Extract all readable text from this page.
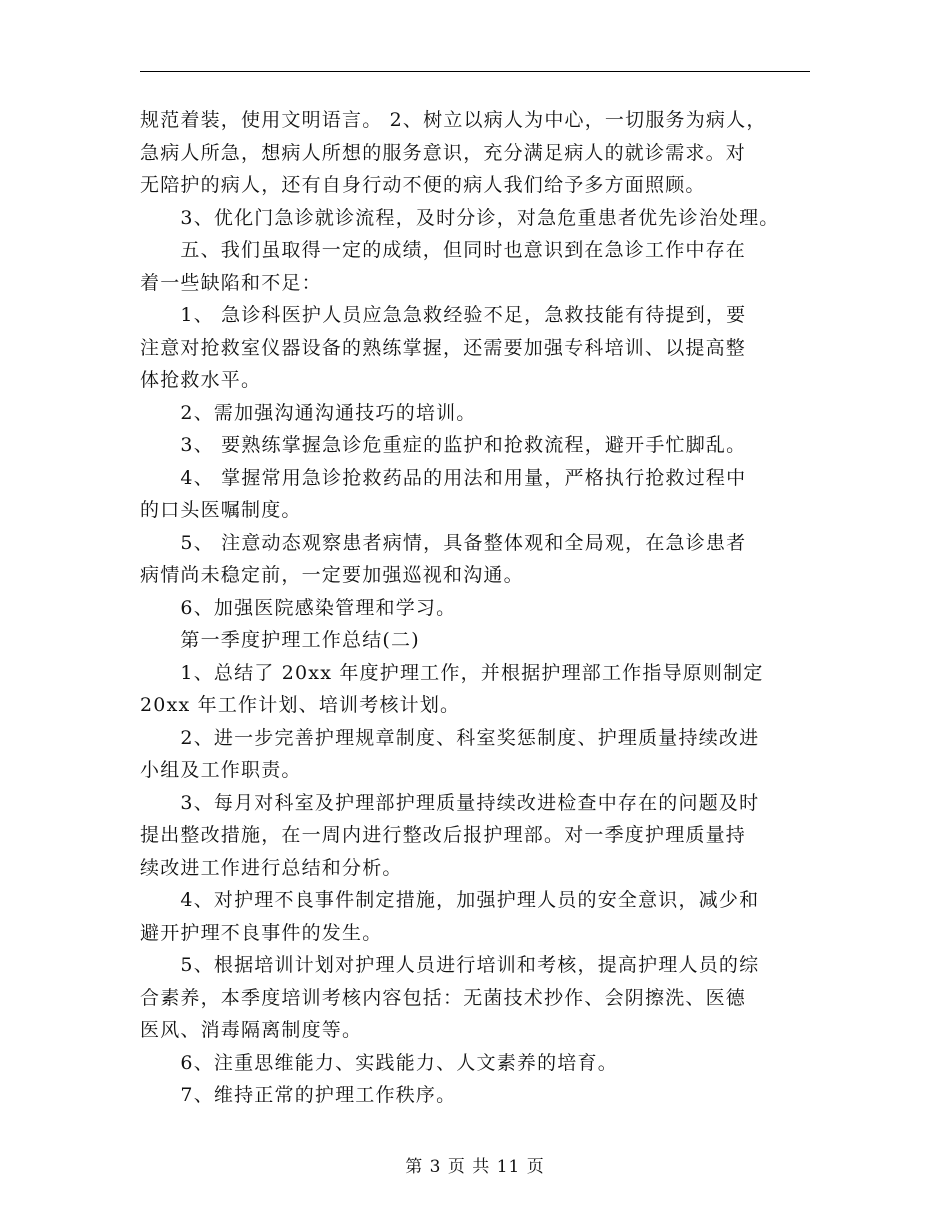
规范着装，使用文明语言。 2、树立以病人为中心，一切服务为病人，
急病人所急，想病人所想的服务意识，充分满足病人的就诊需求。对
无陪护的病人，还有自身行动不便的病人我们给予多方面照顾。
　　3、优化门急诊就诊流程，及时分诊，对急危重患者优先诊治处理。
　　五、我们虽取得一定的成绩，但同时也意识到在急诊工作中存在
着一些缺陷和不足：
　　1、 急诊科医护人员应急急救经验不足，急救技能有待提到，要
注意对抢救室仪器设备的熟练掌握，还需要加强专科培训、以提高整
体抢救水平。
　　2、需加强沟通沟通技巧的培训。
　　3、 要熟练掌握急诊危重症的监护和抢救流程，避开手忙脚乱。
　　4、 掌握常用急诊抢救药品的用法和用量，严格执行抢救过程中
的口头医嘱制度。
　　5、 注意动态观察患者病情，具备整体观和全局观，在急诊患者
病情尚未稳定前，一定要加强巡视和沟通。
　　6、加强医院感染管理和学习。
　　第一季度护理工作总结(二)
　　1、总结了 20xx 年度护理工作，并根据护理部工作指导原则制定
20xx 年工作计划、培训考核计划。
　　2、进一步完善护理规章制度、科室奖惩制度、护理质量持续改进
小组及工作职责。
　　3、每月对科室及护理部护理质量持续改进检查中存在的问题及时
提出整改措施，在一周内进行整改后报护理部。对一季度护理质量持
续改进工作进行总结和分析。
　　4、对护理不良事件制定措施，加强护理人员的安全意识，减少和
避开护理不良事件的发生。
　　5、根据培训计划对护理人员进行培训和考核，提高护理人员的综
合素养，本季度培训考核内容包括：无菌技术抄作、会阴擦洗、医德
医风、消毒隔离制度等。
　　6、注重思维能力、实践能力、人文素养的培育。
　　7、维持正常的护理工作秩序。
第 3 页 共 11 页
